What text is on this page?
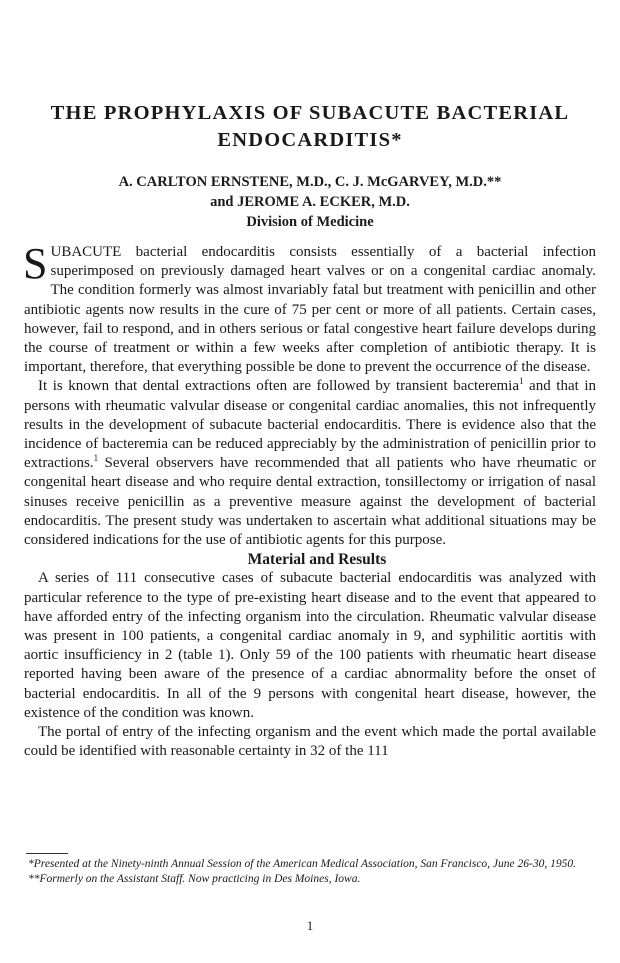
THE PROPHYLAXIS OF SUBACUTE BACTERIAL ENDOCARDITIS*
A. CARLTON ERNSTENE, M.D., C. J. McGARVEY, M.D.**
and JEROME A. ECKER, M.D.
Division of Medicine

SUBACUTE bacterial endocarditis consists essentially of a bacterial infection superimposed on previously damaged heart valves or on a congenital cardiac anomaly. The condition formerly was almost invariably fatal but treatment with penicillin and other antibiotic agents now results in the cure of 75 per cent or more of all patients. Certain cases, however, fail to respond, and in others serious or fatal congestive heart failure develops during the course of treatment or within a few weeks after completion of antibiotic therapy. It is important, therefore, that everything possible be done to prevent the occurrence of the disease.

It is known that dental extractions often are followed by transient bacteremia$^1$ and that in persons with rheumatic valvular disease or congenital cardiac anomalies, this not infrequently results in the development of subacute bacterial endocarditis. There is evidence also that the incidence of bacteremia can be reduced appreciably by the administration of penicillin prior to extractions.$^1$ Several observers have recommended that all patients who have rheumatic or congenital heart disease and who require dental extraction, tonsillectomy or irrigation of nasal sinuses receive penicillin as a preventive measure against the development of bacterial endocarditis. The present study was undertaken to ascertain what additional situations may be considered indications for the use of antibiotic agents for this purpose.

Material and Results

A series of 111 consecutive cases of subacute bacterial endocarditis was analyzed with particular reference to the type of pre-existing heart disease and to the event that appeared to have afforded entry of the infecting organism into the circulation. Rheumatic valvular disease was present in 100 patients, a congenital cardiac anomaly in 9, and syphilitic aortitis with aortic insufficiency in 2 (table 1). Only 59 of the 100 patients with rheumatic heart disease reported having been aware of the presence of a cardiac abnormality before the onset of bacterial endocarditis. In all of the 9 persons with congenital heart disease, however, the existence of the condition was known.

The portal of entry of the infecting organism and the event which made the portal available could be identified with reasonable certainty in 32 of the 111

*Presented at the Ninety-ninth Annual Session of the American Medical Association, San Francisco, June 26-30, 1950.

**Formerly on the Assistant Staff. Now practicing in Des Moines, Iowa.

1
